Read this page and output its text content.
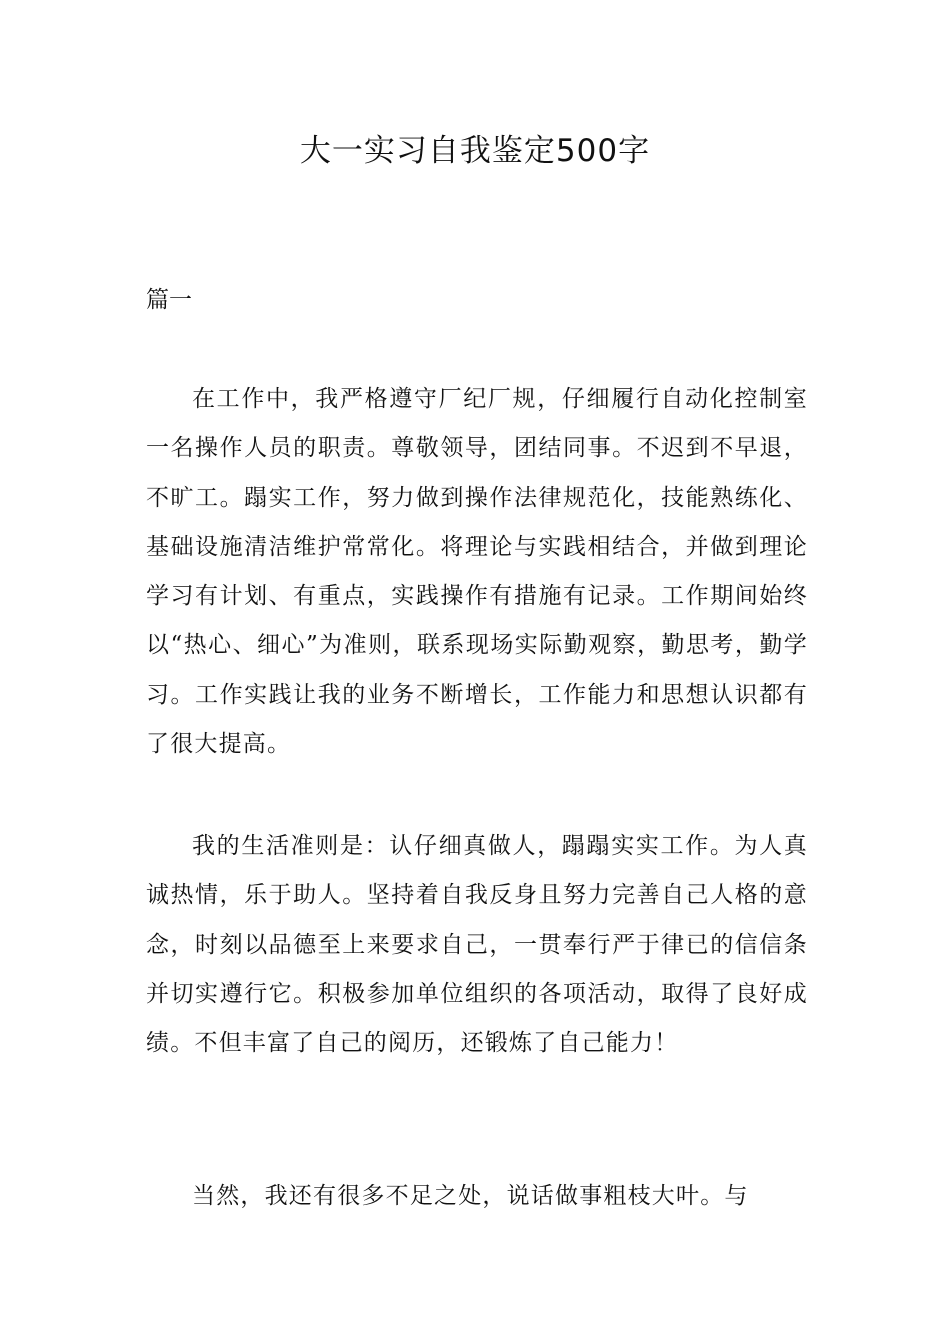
大一实习自我鉴定500字
篇一

在工作中，我严格遵守厂纪厂规，仔细履行自动化控制室一名操作人员的职责。尊敬领导，团结同事。不迟到不早退，不旷工。蹋实工作，努力做到操作法律规范化，技能熟练化、基础设施清洁维护常常化。将理论与实践相结合，并做到理论学习有计划、有重点，实践操作有措施有记录。工作期间始终以“热心、细心”为准则，联系现场实际勤观察，勤思考，勤学习。工作实践让我的业务不断增长，工作能力和思想认识都有了很大提高。

我的生活准则是：认仔细真做人，蹋蹋实实工作。为人真诚热情，乐于助人。坚持着自我反身且努力完善自己人格的意念，时刻以品德至上来要求自己，一贯奉行严于律已的信信条并切实遵行它。积极参加单位组织的各项活动，取得了良好成绩。不但丰富了自己的阅历，还锻炼了自己能力！

当然，我还有很多不足之处，说话做事粗枝大叶。与
